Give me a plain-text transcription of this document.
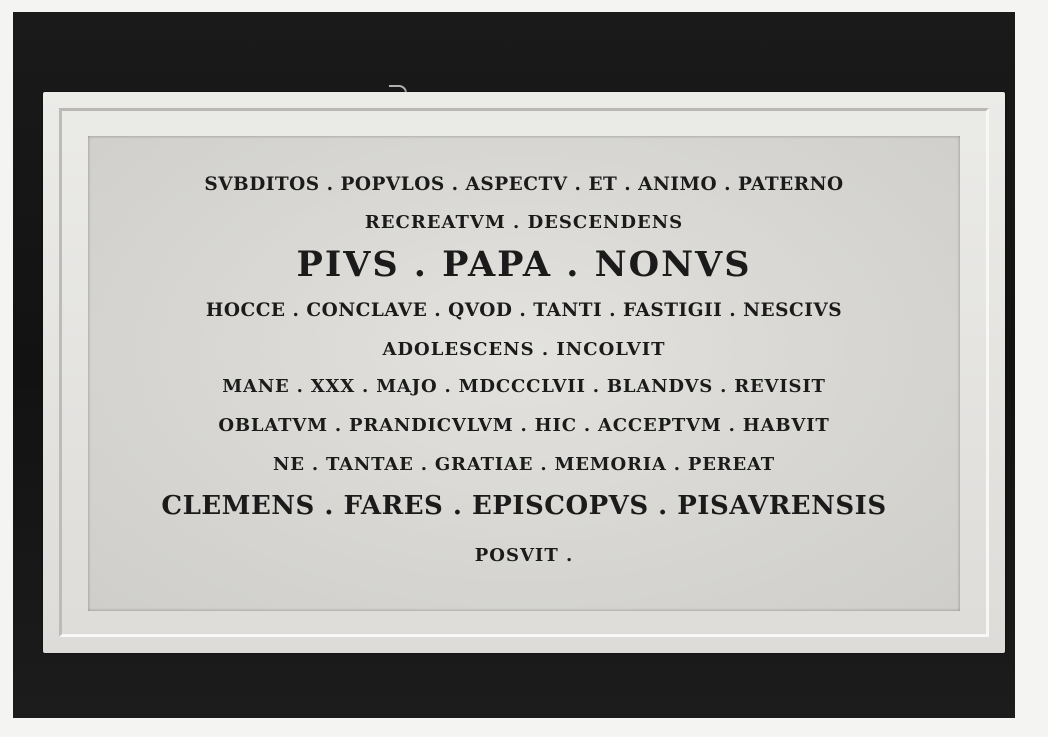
SVBDITOS . POPVLOS . ASPECTV . ET . ANIMO . PATERNO
RECREATVM . DESCENDENS
PIVS . PAPA . NONVS
HOCCE . CONCLAVE . QVOD . TANTI . FASTIGII . NESCIVS
ADOLESCENS . INCOLVIT
MANE . XXX . MAJO . MDCCCLVII . BLANDVS . REVISIT
OBLATVM . PRANDICVLVM . HIC . ACCEPTVM . HABVIT
NE . TANTAE . GRATIAE . MEMORIA . PEREAT
CLEMENS . FARES . EPISCOPVS . PISAVRENSIS
POSVIT .
